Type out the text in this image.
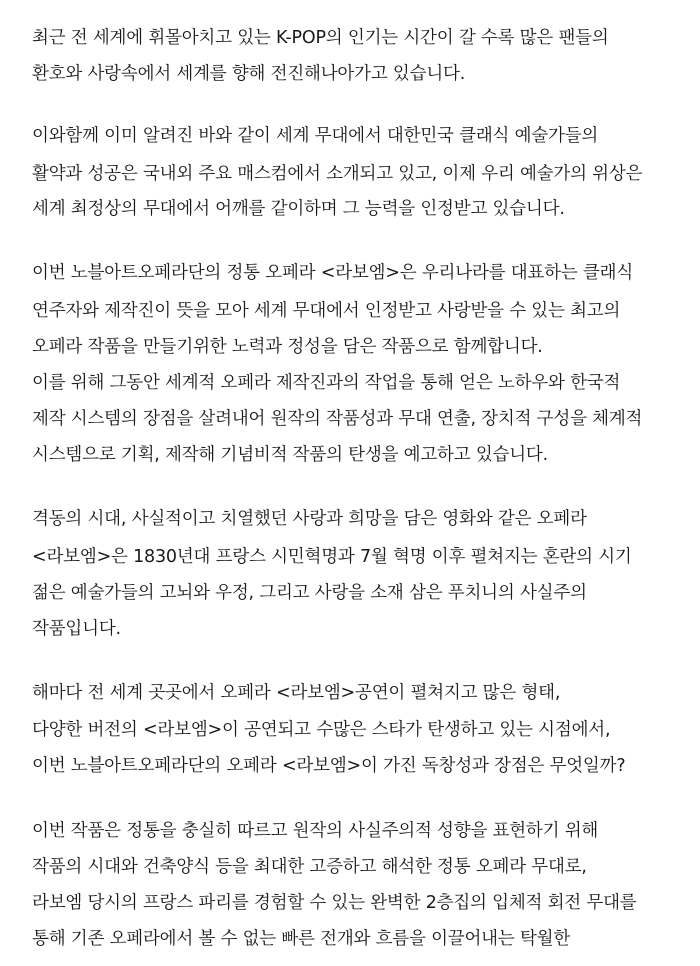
최근 전 세계에 휘몰아치고 있는 K-POP의 인기는 시간이 갈 수록 많은 팬들의
환호와 사랑속에서 세계를 향해 전진해나아가고 있습니다.
이와함께 이미 알려진 바와 같이 세계 무대에서 대한민국 클래식 예술가들의
활약과 성공은 국내외 주요 매스컴에서 소개되고 있고, 이제 우리 예술가의 위상은
세계 최정상의 무대에서 어깨를 같이하며 그 능력을 인정받고 있습니다.
이번 노블아트오페라단의 정통 오페라 <라보엠>은 우리나라를 대표하는 클래식
연주자와 제작진이 뜻을 모아 세계 무대에서 인정받고 사랑받을 수 있는 최고의
오페라 작품을 만들기위한 노력과 정성을 담은 작품으로 함께합니다.
이를 위해 그동안 세계적 오페라 제작진과의 작업을 통해 얻은 노하우와 한국적
제작 시스템의 장점을 살려내어 원작의 작품성과 무대 연출, 장치적 구성을 체계적
시스템으로 기획, 제작해 기념비적 작품의 탄생을 예고하고 있습니다.
격동의 시대, 사실적이고 치열했던 사랑과 희망을 담은 영화와 같은 오페라
<라보엠>은 1830년대 프랑스 시민혁명과 7월 혁명 이후 펼쳐지는 혼란의 시기
젊은 예술가들의 고뇌와 우정, 그리고 사랑을 소재 삼은 푸치니의 사실주의
작품입니다.
해마다 전 세계 곳곳에서 오페라 <라보엠>공연이 펼쳐지고 많은 형태,
다양한 버전의 <라보엠>이 공연되고 수많은 스타가 탄생하고 있는 시점에서,
이번 노블아트오페라단의 오페라 <라보엠>이 가진 독창성과 장점은 무엇일까?
이번 작품은 정통을 충실히 따르고 원작의 사실주의적 성향을 표현하기 위해
작품의 시대와 건축양식 등을 최대한 고증하고 해석한 정통 오페라 무대로,
라보엠 당시의 프랑스 파리를 경험할 수 있는 완벽한 2층집의 입체적 회전 무대를
통해 기존 오페라에서 볼 수 없는 빠른 전개와 흐름을 이끌어내는 탁월한
